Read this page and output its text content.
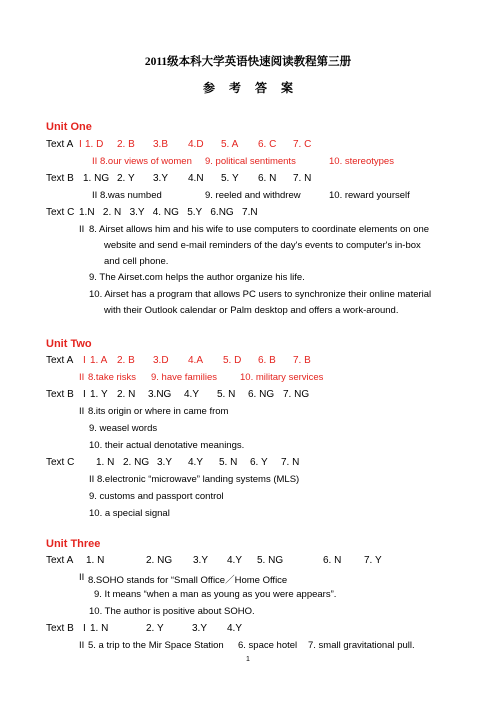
2011级本科大学英语快速阅读教程第三册
参考答案
Unit One
Text A I 1. D 2. B 3.B 4.D 5. A 6. C 7. C
II 8.our views of women 9. political sentiments	10. stereotypes
Text B 1. NG 2. Y 3.Y 4.N 5. Y 6. N 7. N
II 8.was numbed	9. reeled and withdrew	10. reward yourself
Text C 1.N   2. N   3.Y   4. NG   5.Y   6.NG   7.N
II 8. Airset allows him and his wife to use computers to coordinate elements on one
website and send e-mail reminders of the day's events to computer's in-box
and cell phone.
9. The Airset.com helps the author organize his life.
10. Airset has a program that allows PC users to synchronize their online material
with their Outlook calendar or Palm desktop and offers a work-around.
Unit Two
Text A I 1. A 2. B 3.D 4.A 5. D 6. B 7. B
II 8.take risks 9. have families 10. military services
Text B I 1. Y 2. N 3.NG 4.Y 5. N 6. NG 7. NG
II 8.its origin or where in came from
9. weasel words
10. their actual denotative meanings.
Text C 1. N 2. NG 3.Y 4.Y 5. N 6. Y 7. N
II 8.electronic “microwave” landing systems (MLS)
9. customs and passport control
10. a special signal
Unit Three
Text A 1. N	2. NG 3.Y 4.Y 5. NG	6. N 7. Y
II 8.SOHO stands for “Small Office／Home Office
9. It means “when a man as young as you were appears”.
10. The author is positive about SOHO.
Text B I 1. N	2. Y	3.Y 4.Y
II 5. a trip to the Mir Space Station 6. space hotel 7. small gravitational pull.
1
